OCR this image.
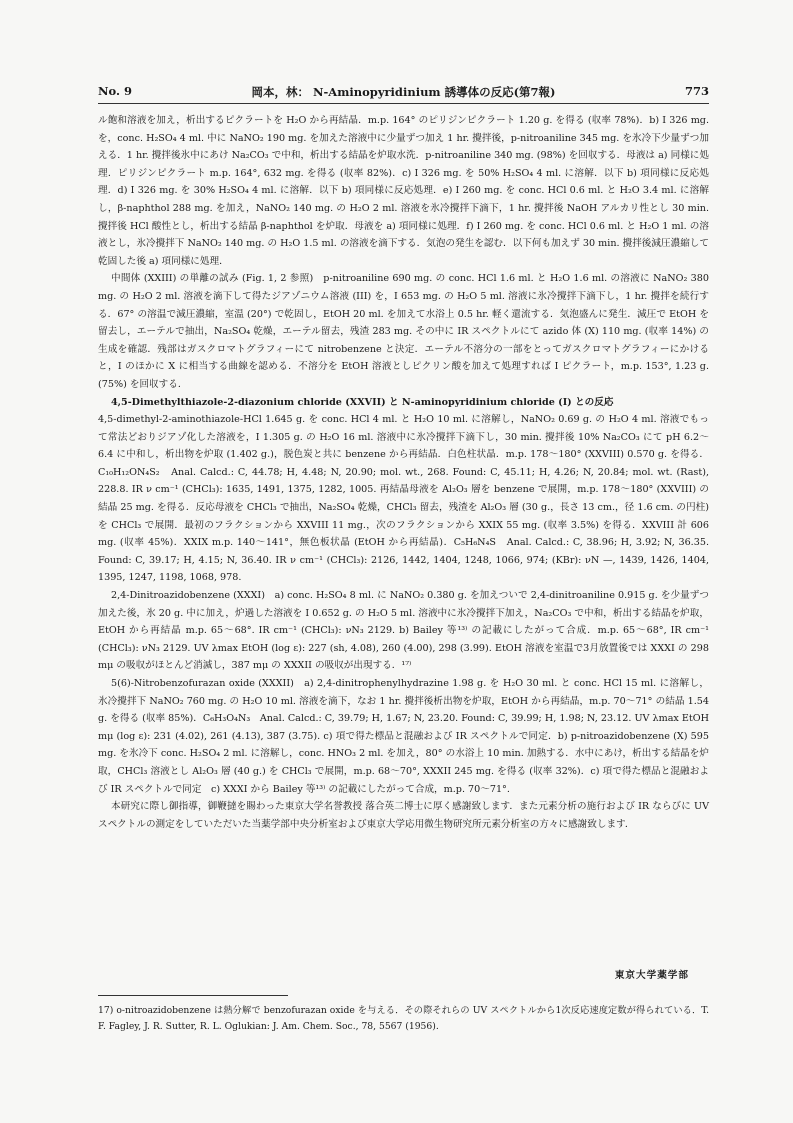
No. 9	岡本，林： N-Aminopyridinium 誘導体の反応(第7報)	773

ル飽和溶液を加え，析出するピクラートを H₂O から再結晶．m.p. 164° のピリジンピクラート 1.20 g. を得る (収率 78%)．b) I 326 mg. を，conc. H₂SO₄ 4 ml. 中に NaNO₂ 190 mg. を加えた溶液中に少量ずつ加え 1 hr. 攪拌後，p-nitroaniline 345 mg. を氷冷下少量ずつ加える．1 hr. 攪拌後氷中にあけ Na₂CO₃ で中和，析出する結晶を炉取水洗．p-nitroaniline 340 mg. (98%) を回収する．母液は a) 同様に処理．ピリジンピクラート m.p. 164°, 632 mg. を得る (収率 82%)．c) I 326 mg. を 50% H₂SO₄ 4 ml. に溶解．以下 b) 項同様に反応処理．d) I 326 mg. を 30% H₂SO₄ 4 ml. に溶解．以下 b) 項同様に反応処理．e) I 260 mg. を conc. HCl 0.6 ml. と H₂O 3.4 ml. に溶解し，β-naphthol 288 mg. を加え，NaNO₂ 140 mg. の H₂O 2 ml. 溶液を氷冷攪拌下滴下，1 hr. 攪拌後 NaOH アルカリ性とし 30 min. 攪拌後 HCl 酸性とし，析出する結晶 β-naphthol を炉取．母液を a) 項同様に処理．f) I 260 mg. を conc. HCl 0.6 ml. と H₂O 1 ml. の溶液とし，氷冷攪拌下 NaNO₂ 140 mg. の H₂O 1.5 ml. の溶液を滴下する．気泡の発生を認む．以下何も加えず 30 min. 攪拌後減圧濃縮して乾固した後 a) 項同様に処理．

中間体 (XXIII) の単離の試み (Fig. 1, 2 参照)　p-nitroaniline 690 mg. の conc. HCl 1.6 ml. と H₂O 1.6 ml. の溶液に NaNO₂ 380 mg. の H₂O 2 ml. 溶液を滴下して得たジアゾニウム溶液 (III) を，I 653 mg. の H₂O 5 ml. 溶液に氷冷攪拌下滴下し，1 hr. 攪拌を続行する．67° の溶温で減圧濃縮，室温 (20°) で乾固し，EtOH 20 ml. を加えて水浴上 0.5 hr. 軽く還流する．気泡盛んに発生．減圧で EtOH を留去し，エーテルで抽出，Na₂SO₄ 乾燥，エーテル留去，残渣 283 mg. その中に IR スペクトルにて azido 体 (X) 110 mg. (収率 14%) の生成を確認．残部はガスクロマトグラフィーにて nitrobenzene と決定．エーテル不溶分の一部をとってガスクロマトグラフィーにかけると，I のほかに X に相当する曲線を認める．不溶分を EtOH 溶液としピクリン酸を加えて処理すれば I ピクラート，m.p. 153°, 1.23 g. (75%) を回収する．

4,5-Dimethylthiazole-2-diazonium chloride (XXVII) と N-aminopyridinium chloride (I) との反応

4,5-dimethyl-2-aminothiazole-HCl 1.645 g. を conc. HCl 4 ml. と H₂O 10 ml. に溶解し，NaNO₂ 0.69 g. の H₂O 4 ml. 溶液でもって常法どおりジアゾ化した溶液を，I 1.305 g. の H₂O 16 ml. 溶液中に氷冷攪拌下滴下し，30 min. 攪拌後 10% Na₂CO₃ にて pH 6.2～6.4 に中和し，析出物を炉取 (1.402 g.)，脱色炭と共に benzene から再結晶．白色柱状晶．m.p. 178～180° (XXVIII) 0.570 g. を得る．C₁₀H₁₂ON₄S₂　Anal. Calcd.: C, 44.78; H, 4.48; N, 20.90; mol. wt., 268. Found: C, 45.11; H, 4.26; N, 20.84; mol. wt. (Rast), 228.8. IR ν cm⁻¹ (CHCl₃): 1635, 1491, 1375, 1282, 1005. 再結晶母液を Al₂O₃ 層を benzene で展開，m.p. 178～180° (XXVIII) の結晶 25 mg. を得る．反応母液を CHCl₃ で抽出，Na₂SO₄ 乾燥，CHCl₃ 留去，残渣を Al₂O₃ 層 (30 g.，長さ 13 cm.，径 1.6 cm. の円柱) を CHCl₃ で展開．最初のフラクションから XXVIII 11 mg.，次のフラクションから XXIX 55 mg. (収率 3.5%) を得る．XXVIII 計 606 mg. (収率 45%)．XXIX m.p. 140～141°，無色板状晶 (EtOH から再結晶)．C₅H₆N₄S　Anal. Calcd.: C, 38.96; H, 3.92; N, 36.35. Found: C, 39.17; H, 4.15; N, 36.40. IR ν cm⁻¹ (CHCl₃): 2126, 1442, 1404, 1248, 1066, 974; (KBr): νN —, 1439, 1426, 1404, 1395, 1247, 1198, 1068, 978.

2,4-Dinitroazidobenzene (XXXI)　a) conc. H₂SO₄ 8 ml. に NaNO₂ 0.380 g. を加えついで 2,4-dinitroaniline 0.915 g. を少量ずつ加えた後，氷 20 g. 中に加え，炉過した溶液を I 0.652 g. の H₂O 5 ml. 溶液中に氷冷攪拌下加え，Na₂CO₃ で中和，析出する結晶を炉取，EtOH から再結晶 m.p. 65～68°. IR cm⁻¹ (CHCl₃): νN₃ 2129. b) Bailey 等¹³⁾ の記載にしたがって合成．m.p. 65～68°, IR cm⁻¹ (CHCl₃): νN₃ 2129. UV λmax EtOH (log ε): 227 (sh, 4.08), 260 (4.00), 298 (3.99). EtOH 溶液を室温で3月放置後では XXXI の 298 mμ の吸収がほとんど消滅し，387 mμ の XXXII の吸収が出現する．¹⁷⁾

5(6)-Nitrobenzofurazan oxide (XXXII)　a) 2,4-dinitrophenylhydrazine 1.98 g. を H₂O 30 ml. と conc. HCl 15 ml. に溶解し，氷冷攪拌下 NaNO₂ 760 mg. の H₂O 10 ml. 溶液を滴下，なお 1 hr. 攪拌後析出物を炉取，EtOH から再結晶，m.p. 70～71° の結晶 1.54 g. を得る (収率 85%)．C₆H₃O₄N₃　Anal. Calcd.: C, 39.79; H, 1.67; N, 23.20. Found: C, 39.99; H, 1.98; N, 23.12. UV λmax EtOH mμ (log ε): 231 (4.02), 261 (4.13), 387 (3.75). c) 項で得た標品と混融および IR スペクトルで同定．b) p-nitroazidobenzene (X) 595 mg. を氷冷下 conc. H₂SO₄ 2 ml. に溶解し，conc. HNO₃ 2 ml. を加え，80° の水浴上 10 min. 加熱する．水中にあけ，析出する結晶を炉取，CHCl₃ 溶液とし Al₂O₃ 層 (40 g.) を CHCl₃ で展開，m.p. 68～70°, XXXII 245 mg. を得る (収率 32%)．c) 項で得た標品と混融および IR スペクトルで同定　c) XXXI から Bailey 等¹³⁾ の記載にしたがって合成，m.p. 70～71°.

本研究に際し御指導，御鞭撻を賜わった東京大学名誉教授 落合英二博士に厚く感謝致します．また元素分析の施行および IR ならびに UV スペクトルの測定をしていただいた当薬学部中央分析室および東京大学応用微生物研究所元素分析室の方々に感謝致します．

東京大学薬学部
17) o-nitroazidobenzene は熱分解で benzofurazan oxide を与える．その際それらの UV スペクトルから1次反応速度定数が得られている．T. F. Fagley, J. R. Sutter, R. L. Oglukian: J. Am. Chem. Soc., 78, 5567 (1956).
